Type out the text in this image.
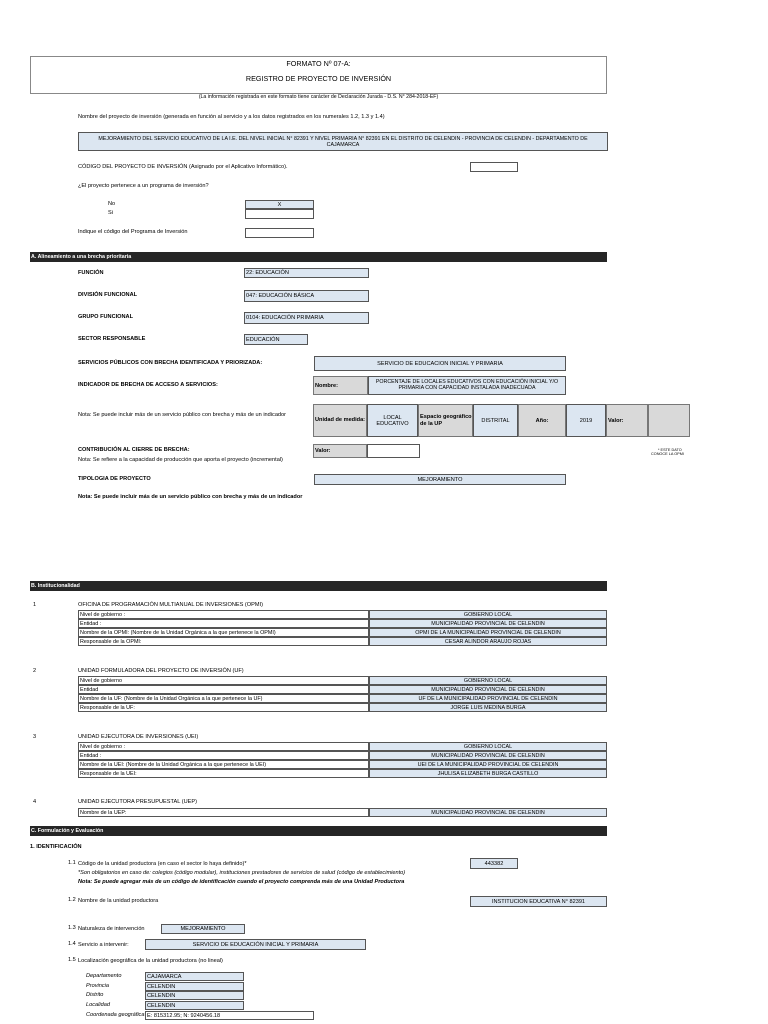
FORMATO Nº 07-A:
REGISTRO DE PROYECTO DE INVERSIÓN
(La información registrada en este formato tiene carácter de Declaración Jurada - D.S. N° 284-2018-EF)
Nombre del proyecto de inversión (generada en función al servicio y a los datos registrados en los numerales 1.2, 1.3 y 1.4)
MEJORAMIENTO DEL SERVICIO EDUCATIVO DE LA I.E. DEL NIVEL INICIAL N° 82391 Y NIVEL PRIMARIA N° 82391 EN EL DISTRITO DE CELENDIN - PROVINCIA DE CELENDIN - DEPARTAMENTO DE CAJAMARCA
CÓDIGO DEL PROYECTO DE INVERSIÓN (Asignado por el Aplicativo Informático).
¿El proyecto pertenece a un programa de inversión?
No	X
Si
Indique el código del Programa de Inversión
A. Alineamiento a una brecha prioritaria
FUNCIÓN	22: EDUCACIÓN
DIVISIÓN FUNCIONAL	047: EDUCACIÓN BÁSICA
GRUPO FUNCIONAL	0104: EDUCACIÓN PRIMARIA
SECTOR RESPONSABLE	EDUCACIÓN
SERVICIOS PÚBLICOS CON BRECHA IDENTIFICADA Y PRIORIZADA:	SERVICIO DE EDUCACION INICIAL Y PRIMARIA
INDICADOR DE BRECHA DE ACCESO A SERVICIOS:	Nombre:
PORCENTAJE DE LOCALES EDUCATIVOS CON EDUCACIÓN INICIAL Y/O PRIMARIA CON CAPACIDAD INSTALADA INADECUADA
Nota: Se puede incluir más de un servicio público con brecha y más de un indicador
Unidad de medida:	LOCAL EDUCATIVO
Espacio geográfico de la UP	DISTRITAL	Año:	2019	Valor:
CONTRIBUCIÓN AL CIERRE DE BRECHA:
Nota: Se refiere a la capacidad de producción que aporta el proyecto (incremental)
Valor:	* ESTE DATO
CONOCE LA OPMI
TIPOLOGIA DE PROYECTO	MEJORAMIENTO
Nota: Se puede incluir más de un servicio público con brecha y más de un indicador
B. Institucionalidad
1	OFICINA DE PROGRAMACIÓN MULTIANUAL DE INVERSIONES (OPMI)
Nivel de gobierno :	GOBIERNO LOCAL
Entidad :	MUNICIPALIDAD PROVINCIAL DE CELENDIN
Nombre de la OPMI: (Nombre de la Unidad Orgánica a la que pertenece la OPMI)	OPMI DE LA MUNICIPALIDAD PROVINCIAL DE CELENDIN
Responsable de la OPMI:	CESAR ALINDOR ARAUJO ROJAS
2	UNIDAD FORMULADORA DEL PROYECTO DE INVERSIÓN (UF)
Nivel de gobierno	GOBIERNO LOCAL
Entidad	MUNICIPALIDAD PROVINCIAL DE CELENDIN
Nombre de la UF: (Nombre de la Unidad Orgánica a la que pertenece la UF)	UF DE LA MUNICIPALIDAD PROVINCIAL DE CELENDIN
Responsable de la UF:	JORGE LUIS MEDINA BURGA
3	UNIDAD EJECUTORA DE INVERSIONES (UEI)
Nivel de gobierno :	GOBIERNO LOCAL
Entidad :	MUNICIPALIDAD PROVINCIAL DE CELENDIN
Nombre de la UEI: (Nombre de la Unidad Orgánica a la que pertenece la UEI)	UEI DE LA MUNICIPALIDAD PROVINCIAL DE CELENDIN
Responsable de la UEI:	JHULISA ELIZABETH BURGA CASTILLO
4	UNIDAD EJECUTORA PRESUPUESTAL (UEP)
Nombre de la UEP:	MUNICIPALIDAD PROVINCIAL DE CELENDIN
C. Formulación y Evaluación
1. IDENTIFICACIÓN
1.1 Código de la unidad productora (en caso el sector lo haya definido)*	443382
*Son obligatorios en caso de: colegios (código modular), instituciones prestadores de servicios de salud (código de establecimiento)
Nota: Se puede agregar más de un código de identificación cuando el proyecto comprenda más de una Unidad Productora
1.2 Nombre de la unidad productora	INSTITUCION EDUCATIVA N° 82391
1.3 Naturaleza de intervención	MEJORAMIENTO
1.4 Servicio a intervenir:	SERVICIO DE EDUCACIÓN INICIAL Y PRIMARIA
1.5 Localización geográfica de la unidad productora (no lineal)
Departamento	CAJAMARCA
Provincia	CELENDIN
Distrito	CELENDIN
Localidad	CELENDIN
Coordenada geográfica E: 815312.95; N: 9240456.18
